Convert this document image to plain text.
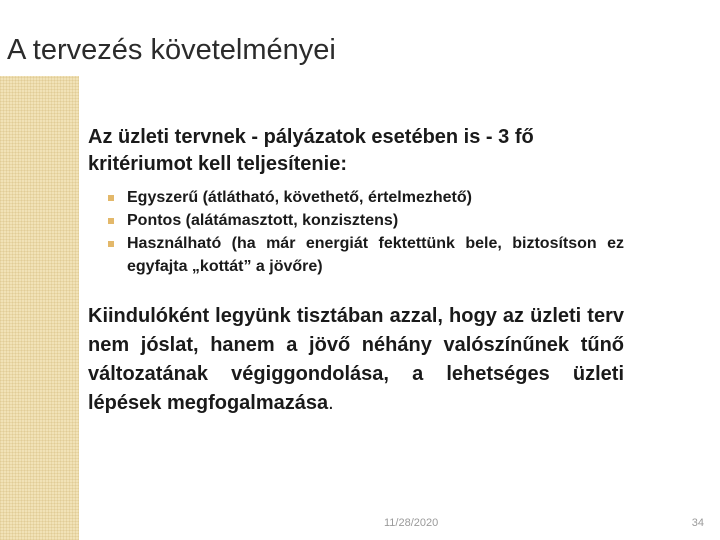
A tervezés követelményei

Az üzleti tervnek - pályázatok esetében is - 3 fő kritériumot kell teljesítenie:

Egyszerű (átlátható, követhető, értelmezhető)
Pontos (alátámasztott, konzisztens)
Használható (ha már energiát fektettünk bele, biztosítson ez egyfajta „kottát” a jövőre)

Kiindulóként legyünk tisztában azzal, hogy az üzleti terv nem jóslat, hanem a jövő néhány valószínűnek tűnő változatának végiggondolása, a lehetséges üzleti lépések megfogalmazása.

11/28/2020	34
